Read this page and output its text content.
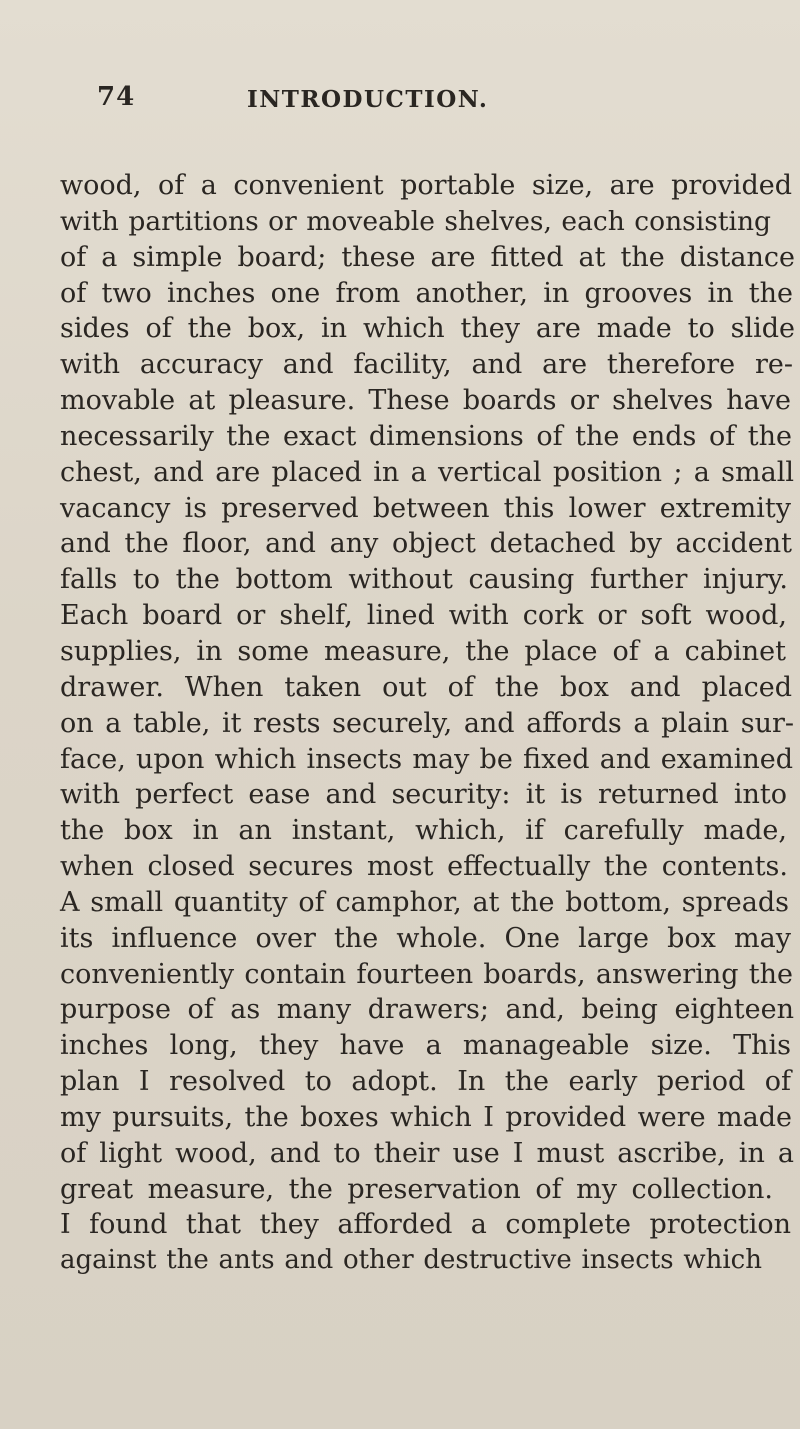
74	INTRODUCTION.
wood, of a convenient portable size, are provided
with partitions or moveable shelves, each consisting
of a simple board; these are fitted at the distance
of two inches one from another, in grooves in the
sides of the box, in which they are made to slide
with accuracy and facility, and are therefore re-
movable at pleasure. These boards or shelves have
necessarily the exact dimensions of the ends of the
chest, and are placed in a vertical position ; a small
vacancy is preserved between this lower extremity
and the floor, and any object detached by accident
falls to the bottom without causing further injury.
Each board or shelf, lined with cork or soft wood,
supplies, in some measure, the place of a cabinet
drawer. When taken out of the box and placed
on a table, it rests securely, and affords a plain sur-
face, upon which insects may be fixed and examined
with perfect ease and security: it is returned into
the box in an instant, which, if carefully made,
when closed secures most effectually the contents.
A small quantity of camphor, at the bottom, spreads
its influence over the whole. One large box may
conveniently contain fourteen boards, answering the
purpose of as many drawers; and, being eighteen
inches long, they have a manageable size. This
plan I resolved to adopt. In the early period of
my pursuits, the boxes which I provided were made
of light wood, and to their use I must ascribe, in a
great measure, the preservation of my collection.
I found that they afforded a complete protection
against the ants and other destructive insects which
